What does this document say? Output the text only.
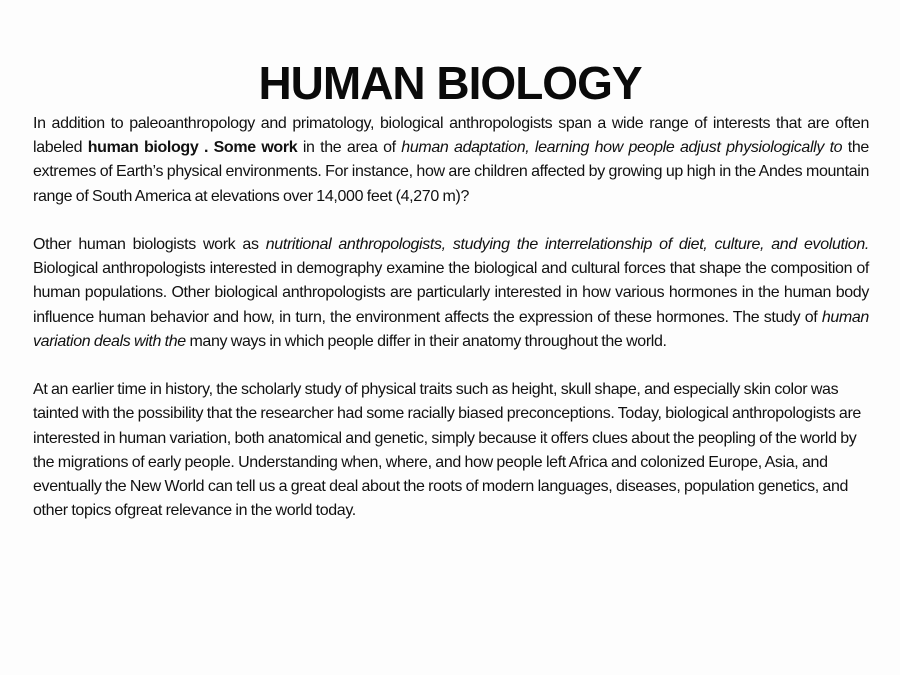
HUMAN BIOLOGY

In addition to paleoanthropology and primatology, biological anthropologists span a wide range of interests that are often labeled human biology . Some work in the area of human adaptation, learning how people adjust physiologically to the extremes of Earth’s physical environments. For instance, how are children affected by growing up high in the Andes mountain range of South America at elevations over 14,000 feet (4,270 m)?

Other human biologists work as nutritional anthropologists, studying the interrelationship of diet, culture, and evolution. Biological anthropologists interested in demography examine the biological and cultural forces that shape the composition of human populations. Other biological anthropologists are particularly interested in how various hormones in the human body influence human behavior and how, in turn, the environment affects the expression of these hormones. The study of human variation deals with the many ways in which people differ in their anatomy throughout the world.

At an earlier time in history, the scholarly study of physical traits such as height, skull shape, and especially skin color was tainted with the possibility that the researcher had some racially biased preconceptions. Today, biological anthropologists are interested in human variation, both anatomical and genetic, simply because it offers clues about the peopling of the world by the migrations of early people. Understanding when, where, and how people left Africa and colonized Europe, Asia, and eventually the New World can tell us a great deal about the roots of modern languages, diseases, population genetics, and other topics ofgreat relevance in the world today.
